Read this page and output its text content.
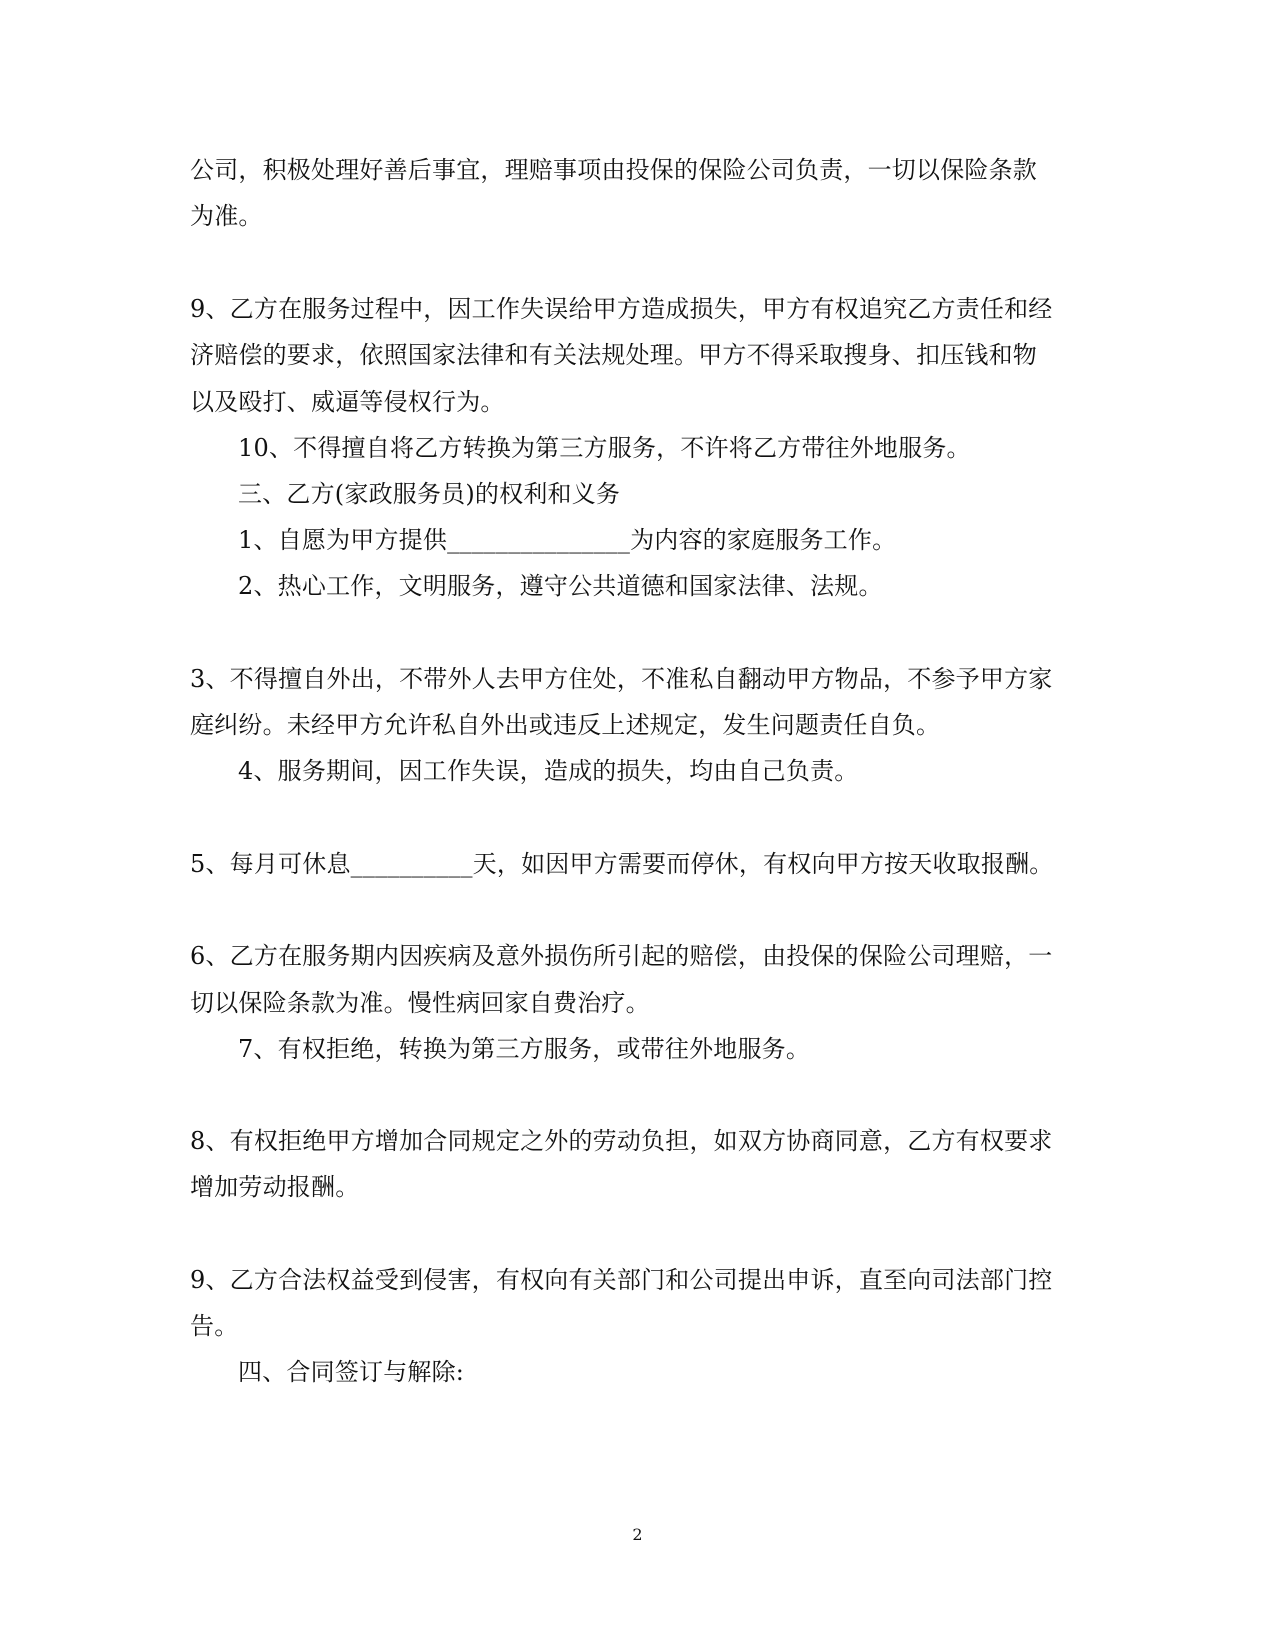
公司，积极处理好善后事宜，理赔事项由投保的保险公司负责，一切以保险条款
为准。
9、乙方在服务过程中，因工作失误给甲方造成损失，甲方有权追究乙方责任和经
济赔偿的要求，依照国家法律和有关法规处理。甲方不得采取搜身、扣压钱和物
以及殴打、威逼等侵权行为。
10、不得擅自将乙方转换为第三方服务，不许将乙方带往外地服务。
三、乙方(家政服务员)的权利和义务
1、自愿为甲方提供_______________为内容的家庭服务工作。
2、热心工作，文明服务，遵守公共道德和国家法律、法规。
3、不得擅自外出，不带外人去甲方住处，不准私自翻动甲方物品，不参予甲方家
庭纠纷。未经甲方允许私自外出或违反上述规定，发生问题责任自负。
4、服务期间，因工作失误，造成的损失，均由自己负责。
5、每月可休息__________天，如因甲方需要而停休，有权向甲方按天收取报酬。
6、乙方在服务期内因疾病及意外损伤所引起的赔偿，由投保的保险公司理赔，一
切以保险条款为准。慢性病回家自费治疗。
7、有权拒绝，转换为第三方服务，或带往外地服务。
8、有权拒绝甲方增加合同规定之外的劳动负担，如双方协商同意，乙方有权要求
增加劳动报酬。
9、乙方合法权益受到侵害，有权向有关部门和公司提出申诉，直至向司法部门控
告。
四、合同签订与解除:
2
